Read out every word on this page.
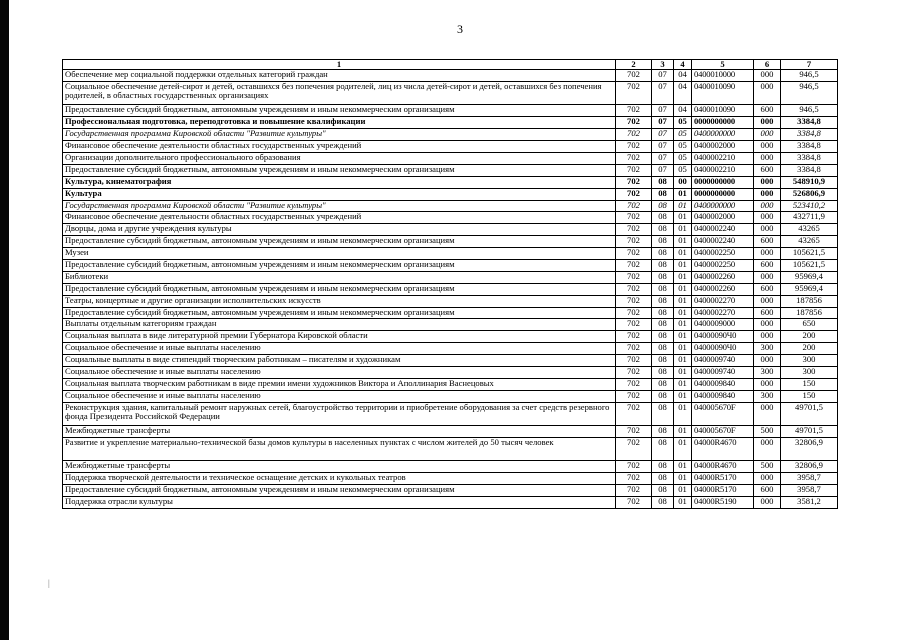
3
|
1	2	3	4	5	6	7
Обеспечение мер социальной поддержки отдельных категорий граждан	702	07	04	0400010000	000	946,5
Социальное обеспечение детей-сирот и детей, оставшихся без попечения родителей, лиц из числа детей-сирот и детей, оставшихся без попечения родителей, в областных государственных организациях	702	07	04	0400010090	000	946,5
Предоставление субсидий бюджетным, автономным учреждениям и иным некоммерческим организациям	702	07	04	0400010090	600	946,5
Профессиональная подготовка, переподготовка и повышение квалификации	702	07	05	0000000000	000	3384,8
Государственная программа Кировской области "Развитие культуры"	702	07	05	0400000000	000	3384,8
Финансовое обеспечение деятельности областных государственных учреждений	702	07	05	0400002000	000	3384,8
Организации дополнительного профессионального образования	702	07	05	0400002210	000	3384,8
Предоставление субсидий бюджетным, автономным учреждениям и иным некоммерческим организациям	702	07	05	0400002210	600	3384,8
Культура, кинематография	702	08	00	0000000000	000	548910,9
Культура	702	08	01	0000000000	000	526806,9
Государственная программа Кировской области "Развитие культуры"	702	08	01	0400000000	000	523410,2
Финансовое обеспечение деятельности областных государственных учреждений	702	08	01	0400002000	000	432711,9
Дворцы, дома и другие учреждения культуры	702	08	01	0400002240	000	43265
Предоставление субсидий бюджетным, автономным учреждениям и иным некоммерческим организациям	702	08	01	0400002240	600	43265
Музеи	702	08	01	0400002250	000	105621,5
Предоставление субсидий бюджетным, автономным учреждениям и иным некоммерческим организациям	702	08	01	0400002250	600	105621,5
Библиотеки	702	08	01	0400002260	000	95969,4
Предоставление субсидий бюджетным, автономным учреждениям и иным некоммерческим организациям	702	08	01	0400002260	600	95969,4
Театры, концертные и другие организации исполнительских искусств	702	08	01	0400002270	000	187856
Предоставление субсидий бюджетным, автономным учреждениям и иным некоммерческим организациям	702	08	01	0400002270	600	187856
Выплаты отдельным категориям граждан	702	08	01	0400009000	000	650
Социальная выплата в виде литературной премии Губернатора Кировской области	702	08	01	04000090Ч0	000	200
Социальное обеспечение и иные выплаты населению	702	08	01	04000090Ч0	300	200
Социальные выплаты в виде стипендий творческим работникам – писателям и художникам	702	08	01	0400009740	000	300
Социальное обеспечение и иные выплаты населению	702	08	01	0400009740	300	300
Социальная выплата творческим работникам в виде премии имени художников Виктора и Аполлинария Васнецовых	702	08	01	0400009840	000	150
Социальное обеспечение и иные выплаты населению	702	08	01	0400009840	300	150
Реконструкция здания, капитальный ремонт наружных сетей, благоустройство территории и приобретение оборудования за счет средств резервного фонда Президента Российской Федерации	702	08	01	040005670F	000	49701,5
Межбюджетные трансферты	702	08	01	040005670F	500	49701,5
Развитие и укрепление материально-технической базы домов культуры в населенных пунктах с числом жителей до 50 тысяч человек	702	08	01	04000R4670	000	32806,9
Межбюджетные трансферты	702	08	01	04000R4670	500	32806,9
Поддержка творческой деятельности и техническое оснащение детских и кукольных театров	702	08	01	04000R5170	000	3958,7
Предоставление субсидий бюджетным, автономным учреждениям и иным некоммерческим организациям	702	08	01	04000R5170	600	3958,7
Поддержка отрасли культуры	702	08	01	04000R5190	000	3581,2
